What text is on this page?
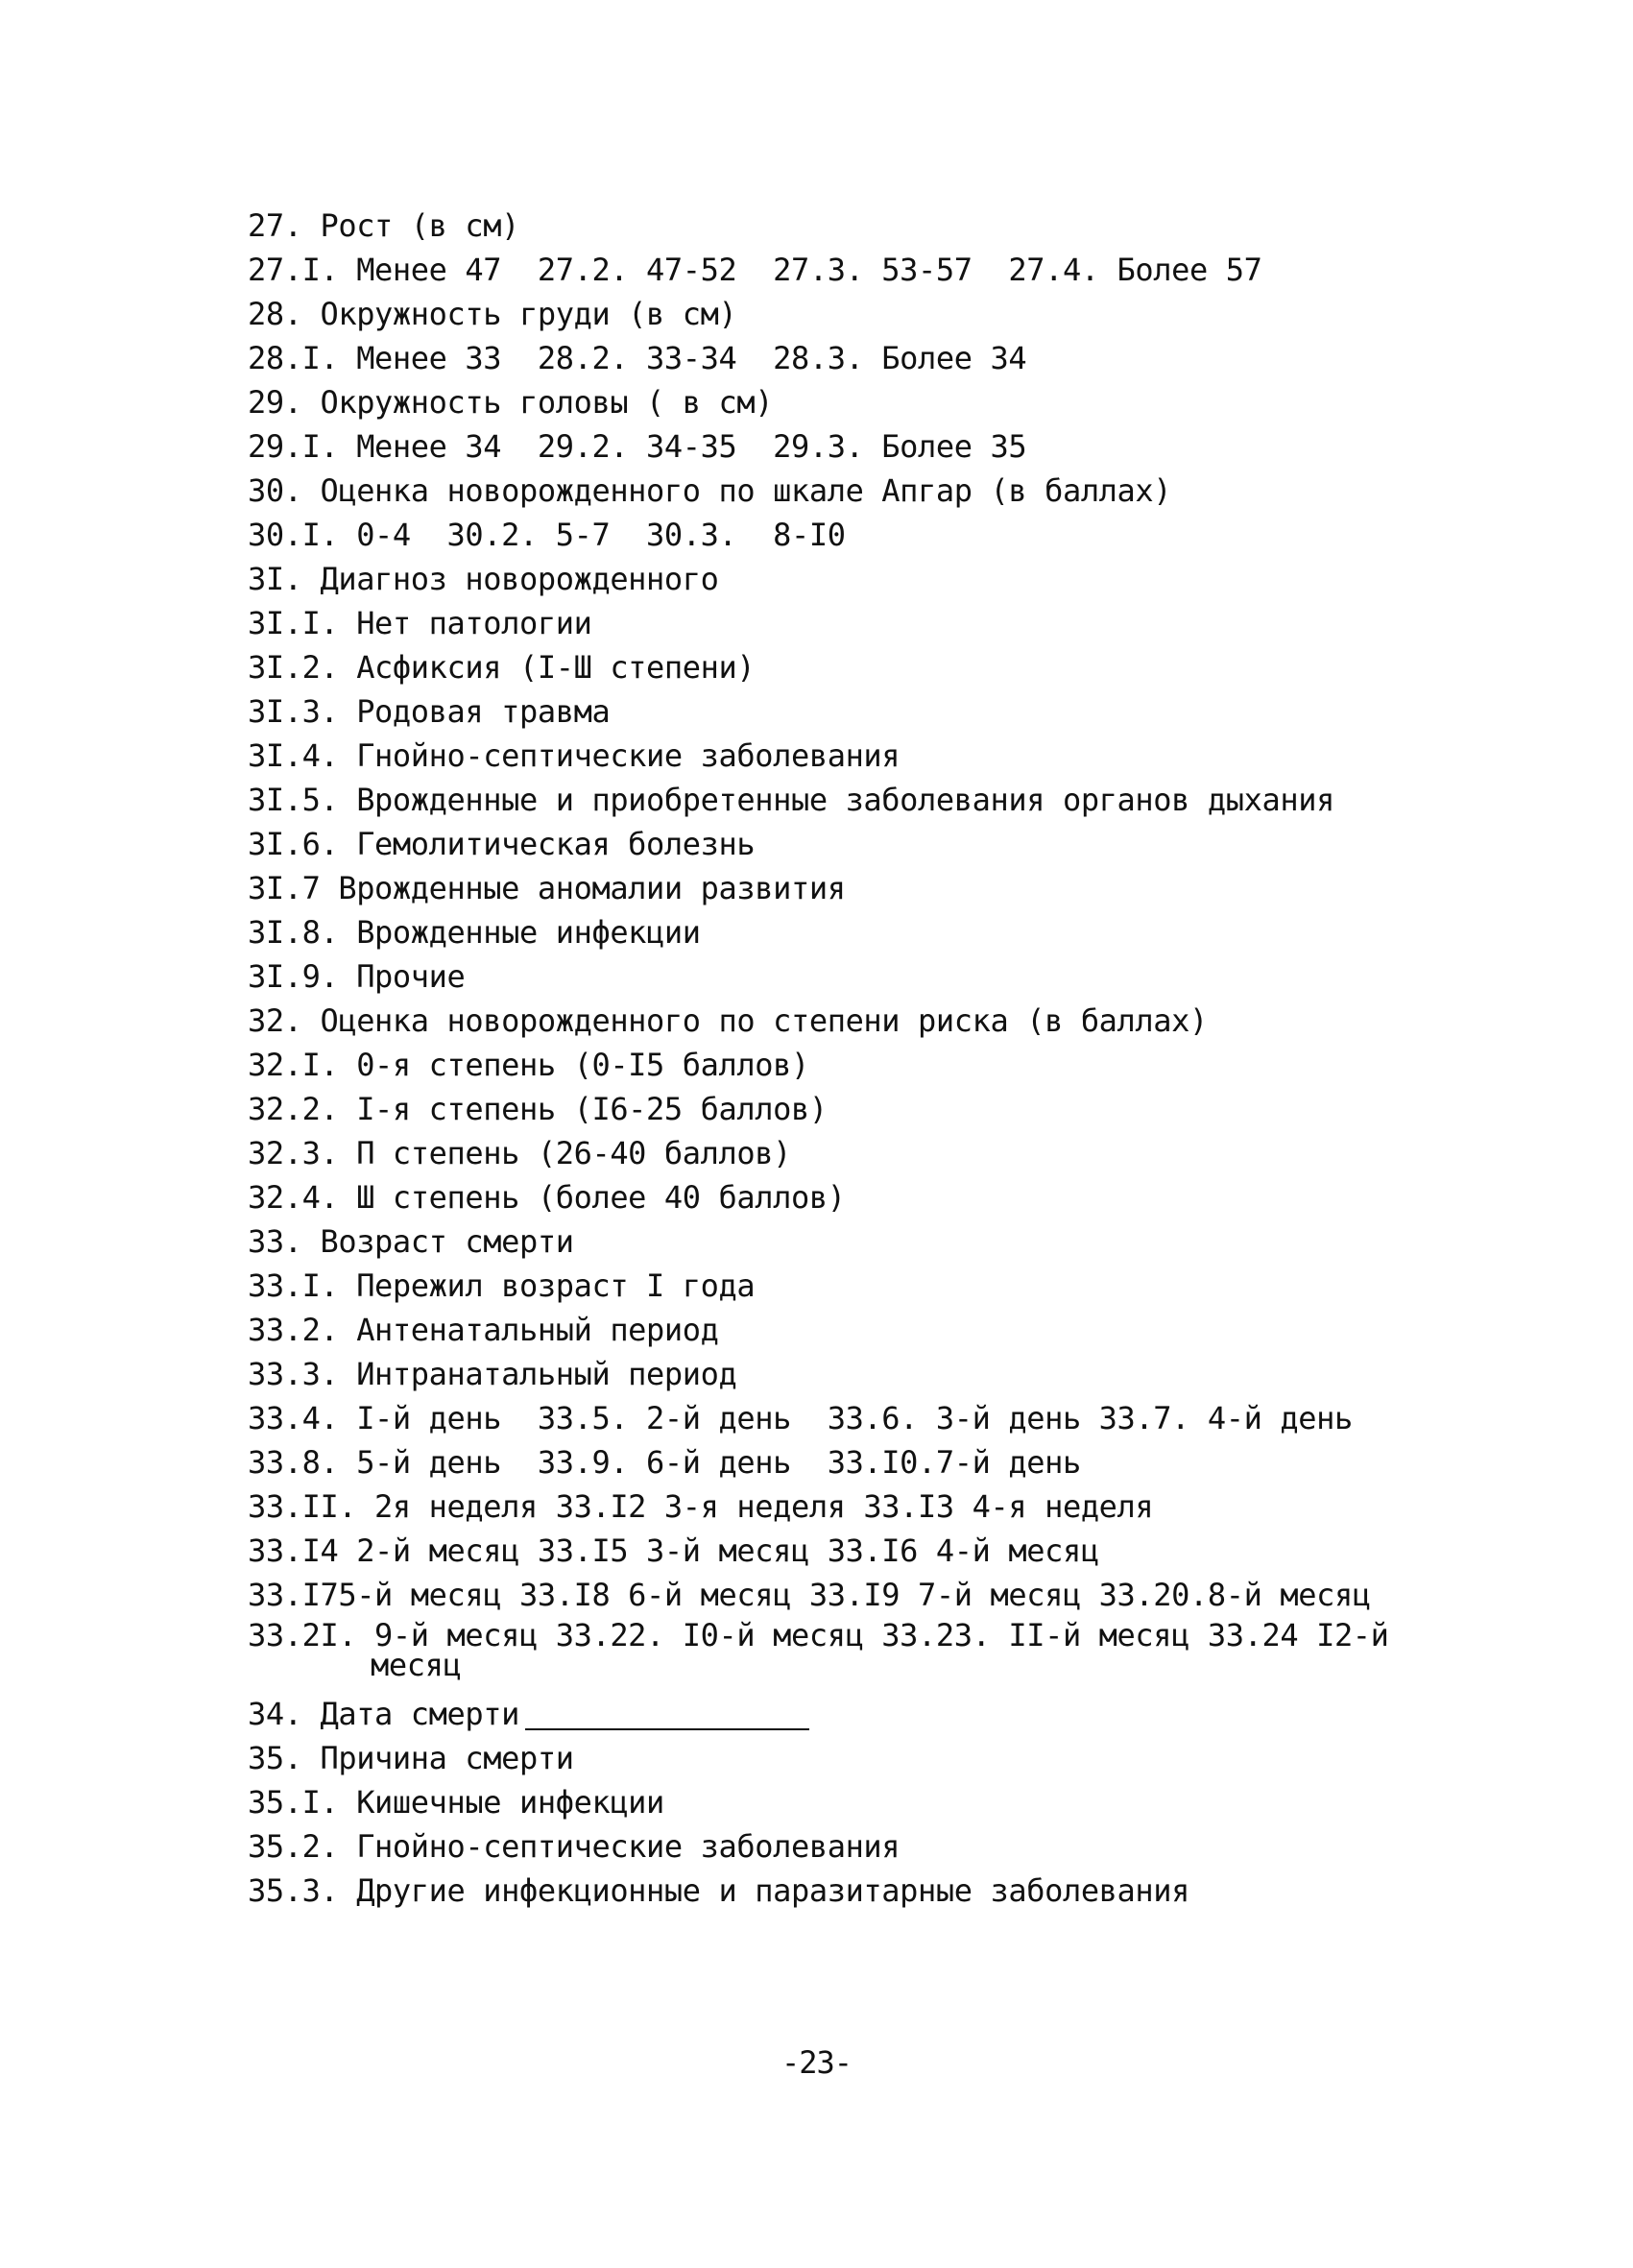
27. Рост (в см)
27.I. Менее 47  27.2. 47-52  27.3. 53-57  27.4. Более 57
28. Окружность груди (в см)
28.I. Менее 33  28.2. 33-34  28.3. Более 34
29. Окружность головы ( в см)
29.I. Менее 34  29.2. 34-35  29.3. Более 35
30. Оценка новорожденного по шкале Апгар (в баллах)
30.I. 0-4  30.2. 5-7  30.3.  8-I0
3I. Диагноз новорожденного
3I.I. Нет патологии
3I.2. Асфиксия (I-Ш степени)
3I.3. Родовая травма
3I.4. Гнойно-септические заболевания
3I.5. Врожденные и приобретенные заболевания органов дыхания
3I.6. Гемолитическая болезнь
3I.7 Врожденные аномалии развития
3I.8. Врожденные инфекции
3I.9. Прочие
32. Оценка новорожденного по степени риска (в баллах)
32.I. 0-я степень (0-I5 баллов)
32.2. I-я степень (I6-25 баллов)
32.3. П степень (26-40 баллов)
32.4. Ш степень (более 40 баллов)
33. Возраст смерти
33.I. Пережил возраст I года
33.2. Антенатальный период
33.3. Интранатальный период
33.4. I-й день  33.5. 2-й день  33.6. 3-й день 33.7. 4-й день
33.8. 5-й день  33.9. 6-й день  33.I0.7-й день
33.II. 2я неделя 33.I2 3-я неделя 33.I3 4-я неделя
33.I4 2-й месяц 33.I5 3-й месяц 33.I6 4-й месяц
33.I75-й месяц 33.I8 6-й месяц 33.I9 7-й месяц 33.20.8-й месяц
33.2I. 9-й месяц 33.22. I0-й месяц 33.23. II-й месяц 33.24 I2-й
месяц
34. Дата смерти
35. Причина смерти
35.I. Кишечные инфекции
35.2. Гнойно-септические заболевания
35.3. Другие инфекционные и паразитарные заболевания
-23-
